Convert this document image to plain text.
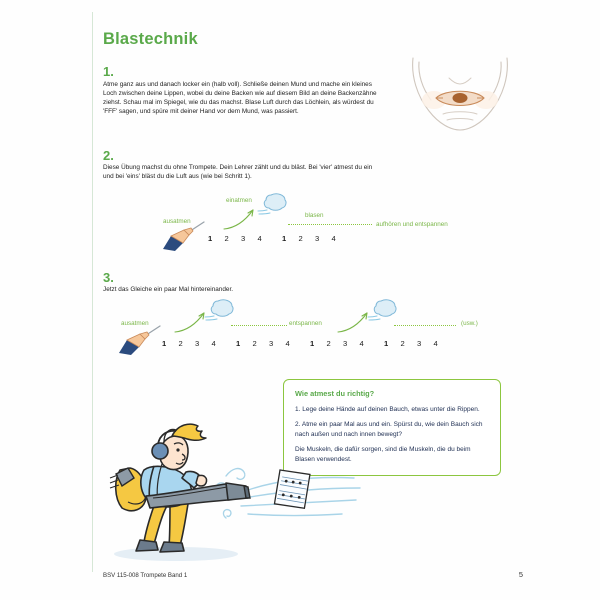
Blastechnik
1.
Atme ganz aus und danach locker ein (halb voll). Schließe deinen Mund und mache ein kleines Loch zwischen deine Lippen, wobei du deine Backen wie auf diesem Bild an deine Backenzähne ziehst. Schau mal im Spiegel, wie du das machst. Blase Luft durch das Löchlein, als würdest du 'FFF' sagen, und spüre mit deiner Hand vor dem Mund, was passiert.
2.
Diese Übung machst du ohne Trompete. Dein Lehrer zählt und du bläst. Bei 'vier' atmest du ein und bei 'eins' bläst du die Luft aus (wie bei Schritt 1).
einatmen
ausatmen
blasen
aufhören und entspannen
1 2 3 4	1 2 3 4
3.
Jetzt das Gleiche ein paar Mal hintereinander.
ausatmen	entspannen	(usw.)
1 2 3 4	1 2 3 4	1 2 3 4	1 2 3 4
Wie atmest du richtig?

1. Lege deine Hände auf deinen Bauch, etwas unter die Rippen.

2. Atme ein paar Mal aus und ein. Spürst du, wie dein Bauch sich nach außen und nach innen bewegt?

Die Muskeln, die dafür sorgen, sind die Muskeln, die du beim Blasen verwendest.

BSV 115-008 Trompete Band 1	5
